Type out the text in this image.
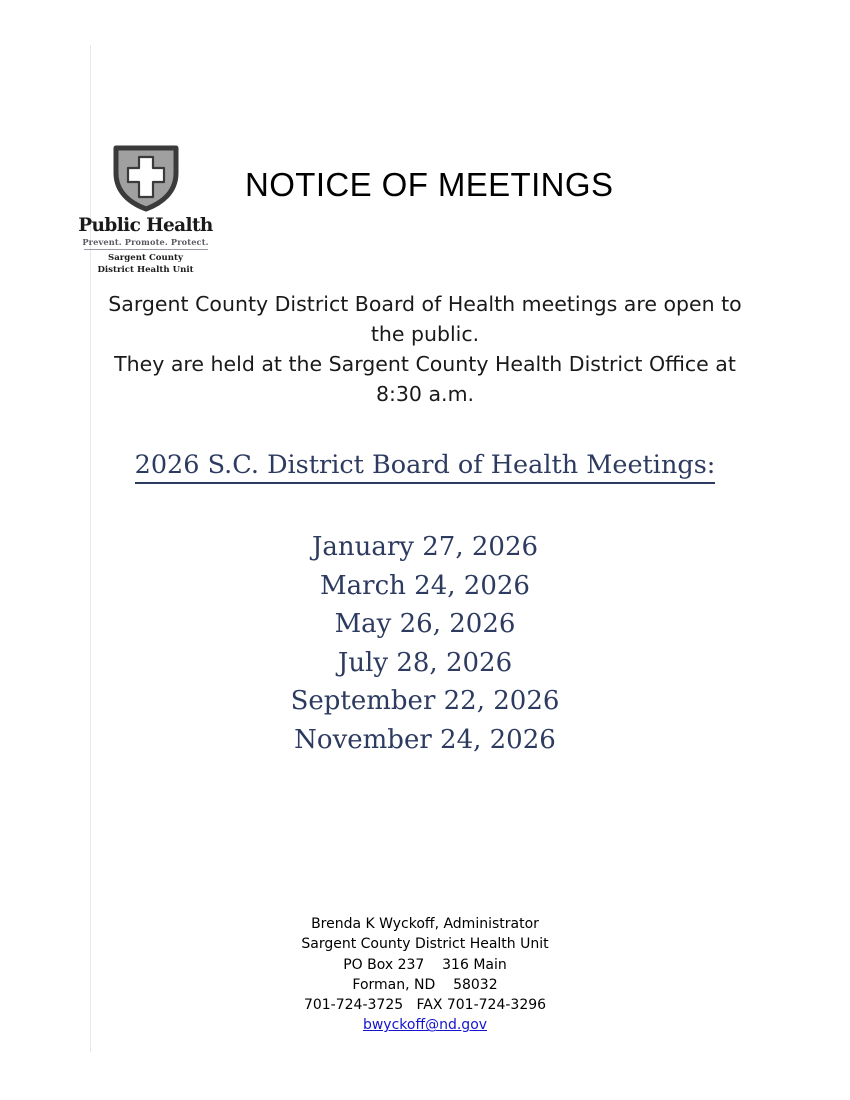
Public Health
Prevent. Promote. Protect.
Sargent County
District Health Unit
NOTICE OF MEETINGS

Sargent County District Board of Health meetings are open to

the public.

They are held at the Sargent County Health District Office at

8:30 a.m.

2026 S.C. District Board of Health Meetings:
January 27, 2026
March 24, 2026
May 26, 2026
July 28, 2026
September 22, 2026
November 24, 2026
Brenda K Wyckoff, Administrator
Sargent County District Health Unit
PO Box 237    316 Main
Forman, ND    58032
701-724-3725   FAX 701-724-3296
bwyckoff@nd.gov
